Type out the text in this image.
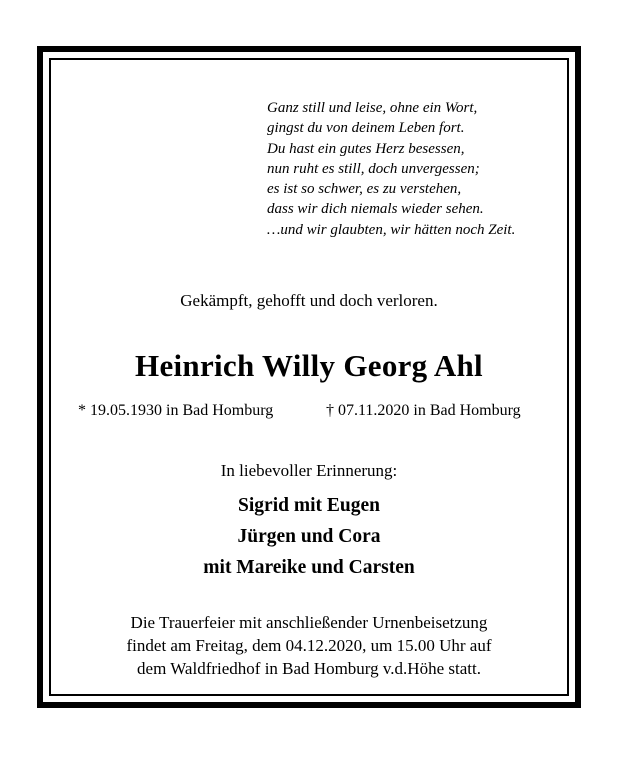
Ganz still und leise, ohne ein Wort,
gingst du von deinem Leben fort.
Du hast ein gutes Herz besessen,
nun ruht es still, doch unvergessen;
es ist so schwer, es zu verstehen,
dass wir dich niemals wieder sehen.
…und wir glaubten, wir hätten noch Zeit.
Gekämpft, gehofft und doch verloren.
Heinrich Willy Georg Ahl
* 19.05.1930 in Bad Homburg	† 07.11.2020 in Bad Homburg
In liebevoller Erinnerung:
Sigrid mit Eugen
Jürgen und Cora
mit Mareike und Carsten
Die Trauerfeier mit anschließender Urnenbeisetzung
findet am Freitag, dem 04.12.2020, um 15.00 Uhr auf
dem Waldfriedhof in Bad Homburg v.d.Höhe statt.
